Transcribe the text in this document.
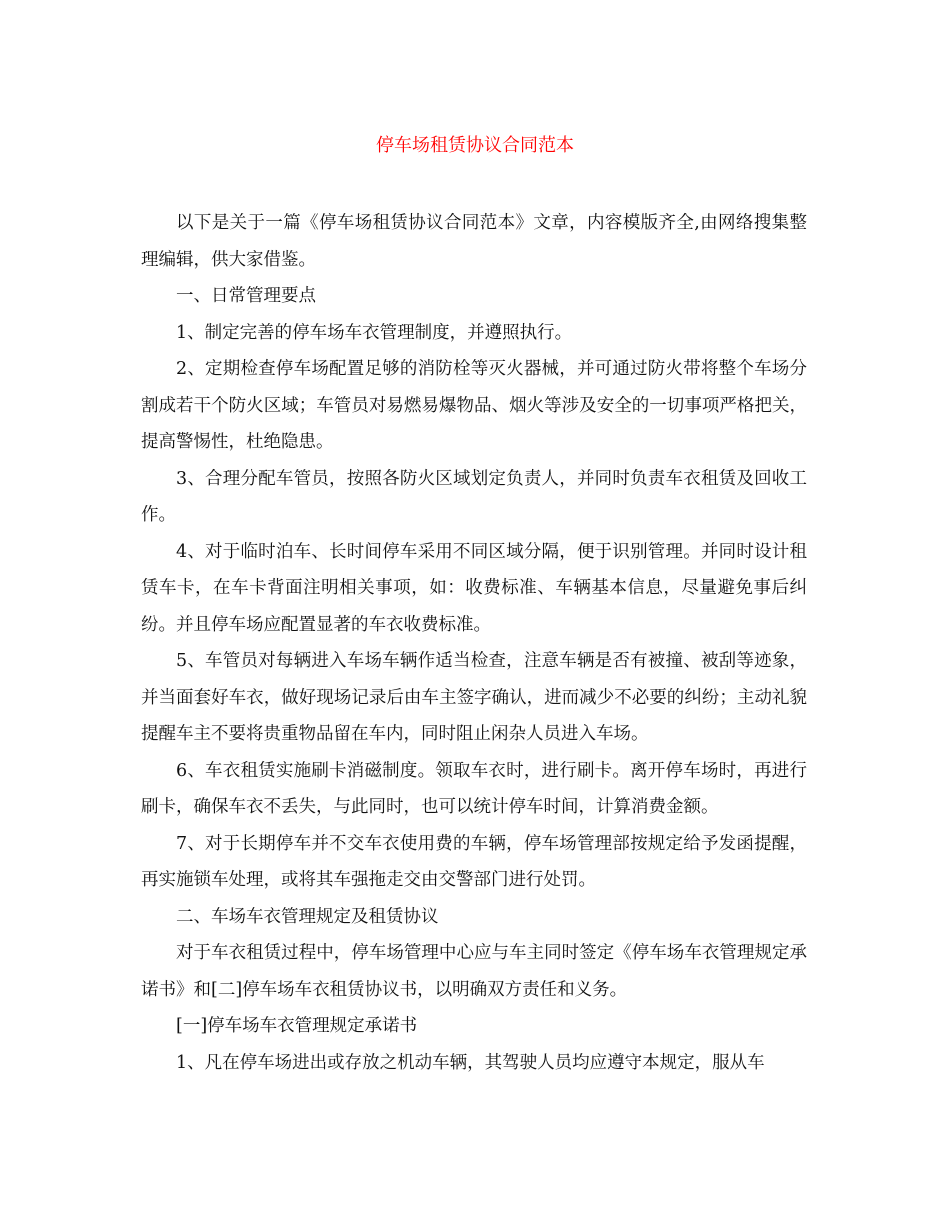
停车场租赁协议合同范本

以下是关于一篇《停车场租赁协议合同范本》文章，内容模版齐全,由网络搜集整理编辑，供大家借鉴。

一、日常管理要点

1、制定完善的停车场车衣管理制度，并遵照执行。

2、定期检查停车场配置足够的消防栓等灭火器械，并可通过防火带将整个车场分割成若干个防火区域；车管员对易燃易爆物品、烟火等涉及安全的一切事项严格把关，提高警惕性，杜绝隐患。

3、合理分配车管员，按照各防火区域划定负责人，并同时负责车衣租赁及回收工作。

4、对于临时泊车、长时间停车采用不同区域分隔，便于识别管理。并同时设计租赁车卡，在车卡背面注明相关事项，如：收费标准、车辆基本信息，尽量避免事后纠纷。并且停车场应配置显著的车衣收费标准。

5、车管员对每辆进入车场车辆作适当检查，注意车辆是否有被撞、被刮等迹象，并当面套好车衣，做好现场记录后由车主签字确认，进而减少不必要的纠纷；主动礼貌提醒车主不要将贵重物品留在车内，同时阻止闲杂人员进入车场。

6、车衣租赁实施刷卡消磁制度。领取车衣时，进行刷卡。离开停车场时，再进行刷卡，确保车衣不丢失，与此同时，也可以统计停车时间，计算消费金额。

7、对于长期停车并不交车衣使用费的车辆，停车场管理部按规定给予发函提醒，再实施锁车处理，或将其车强拖走交由交警部门进行处罚。

二、车场车衣管理规定及租赁协议

对于车衣租赁过程中，停车场管理中心应与车主同时签定《停车场车衣管理规定承诺书》和[二]停车场车衣租赁协议书，以明确双方责任和义务。

[一]停车场车衣管理规定承诺书

1、凡在停车场进出或存放之机动车辆，其驾驶人员均应遵守本规定，服从车
